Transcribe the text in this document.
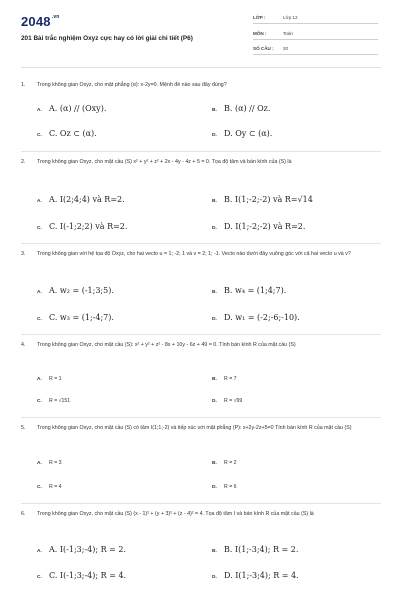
$2048^{.vn}$
201 Bài trắc nghiệm Oxyz cực hay có lời giải chi tiết (P6)
LỚP :	Lớp 12
MÔN :	Toán
SỐ CÂU : 20
1. Trong không gian Oxyz, cho mặt phẳng (α): x-2y=0. Mệnh đề nào sau đây đúng?
A. A. (α) // (Oxy).	B. B. (α) // Oz.
C. C. Oz ⊂ (α).	D. D. Oy ⊂ (α).
2. Trong không gian Oxyz, cho mặt cầu (S) x² + y² + z² + 2x - 4y - 4z + 5 = 0. Tọa độ tâm và bán kính của (S) là
A. A. I(2;4;4) và R=2.	B. B. I(1;-2;-2) và R=√14
C. C. I(-1;2;2) và R=2.	D. D. I(1;-2;-2) và R=2.
3. Trong không gian với hệ tọa độ Oxyz, cho hai vecto u = 1; -2; 1 và v = 2; 1; -1. Vecto nào dưới đây vuông góc với cả hai vecto u và v?
A. A. w₂ = (-1;3;5).	B. B. w₄ = (1;4;7).
C. C. w₃ = (1;-4;7).	D. D. w₁ = (-2;-6;-10).
4. Trong không gian Oxyz, cho mặt cầu (S): x² + y² + z² - 8x + 10y - 6z + 49 = 0. Tính bán kính R của mặt cầu (S)
A. R = 1	B. R = 7
C. R = √151	D. R = √99
5. Trong không gian Oxyz, cho mặt cầu (S) có tâm I(1;1;-2) và tiếp xúc với mặt phẳng (P): x+2y-2z+5=0 Tính bán kính R của mặt cầu (S)
A. R = 3	B. R = 2
C. R = 4	D. R = 6
6. Trong không gian Oxyz, cho mặt cầu (S) (x - 1)² + (y + 3)² + (z - 4)² = 4. Tọa độ tâm I và bán kính R của mặt cầu (S) là
A. A. I(-1;3;-4); R = 2.	B. B. I(1;-3;4); R = 2.
C. C. I(-1;3;-4); R = 4.	D. D. I(1;-3;4); R = 4.
